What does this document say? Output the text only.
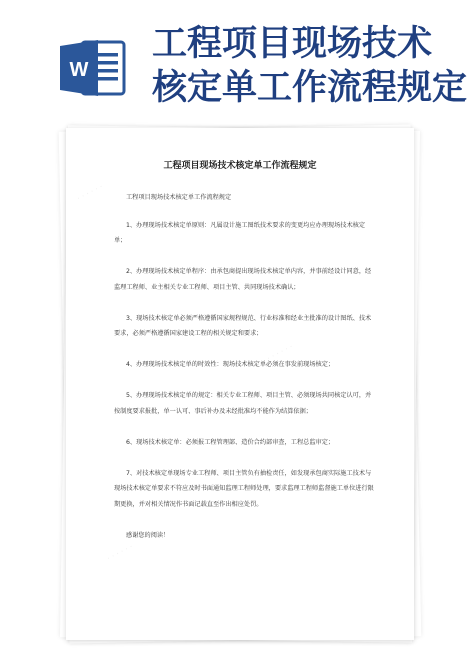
W
工程项目现场技术
核定单工作流程规定
· · · · · ·
· · · · · ·
· · · · · ·
工程项目现场技术核定单工作流程规定

工程项目现场技术核定单工作流程规定

1、办理现场技术核定单原则：凡属设计施工图纸技术要求的变更均应办理现场技术核定单；

2、办理现场技术核定单程序：由承包商提出现场技术核定单内容，并事前经设计同意，经监理工程师、业主相关专业工程师、项目主管、共同现场技术确认；

3、现场技术核定单必须严格遵循国家规程规范、行业标准和经业主批准的设计图纸、技术要求，必须严格遵循国家建设工程的相关规定和要求；

4、办理现场技术核定单的时效性：现场技术核定单必须在事发前现场核定；

5、办理现场技术核定单的规定：相关专业工程师、项目主管、必须现场共同核定认可，并按制度要求报批，单一认可、事后补办及未经批准均不能作为结算依据；

6、现场技术核定单：必须报工程管理部、造价合约部审查，工程总监审定；

7、对技术核定单现场专业工程师、项目主管负有抽检责任，如发现承包商实际施工技术与现场技术核定单要求不符应及时书面通知监理工程师处理，要求监理工程师监督施工单位进行限期更换，并对相关情况作书面记载直至作出相应处罚。

感谢您的阅读！
